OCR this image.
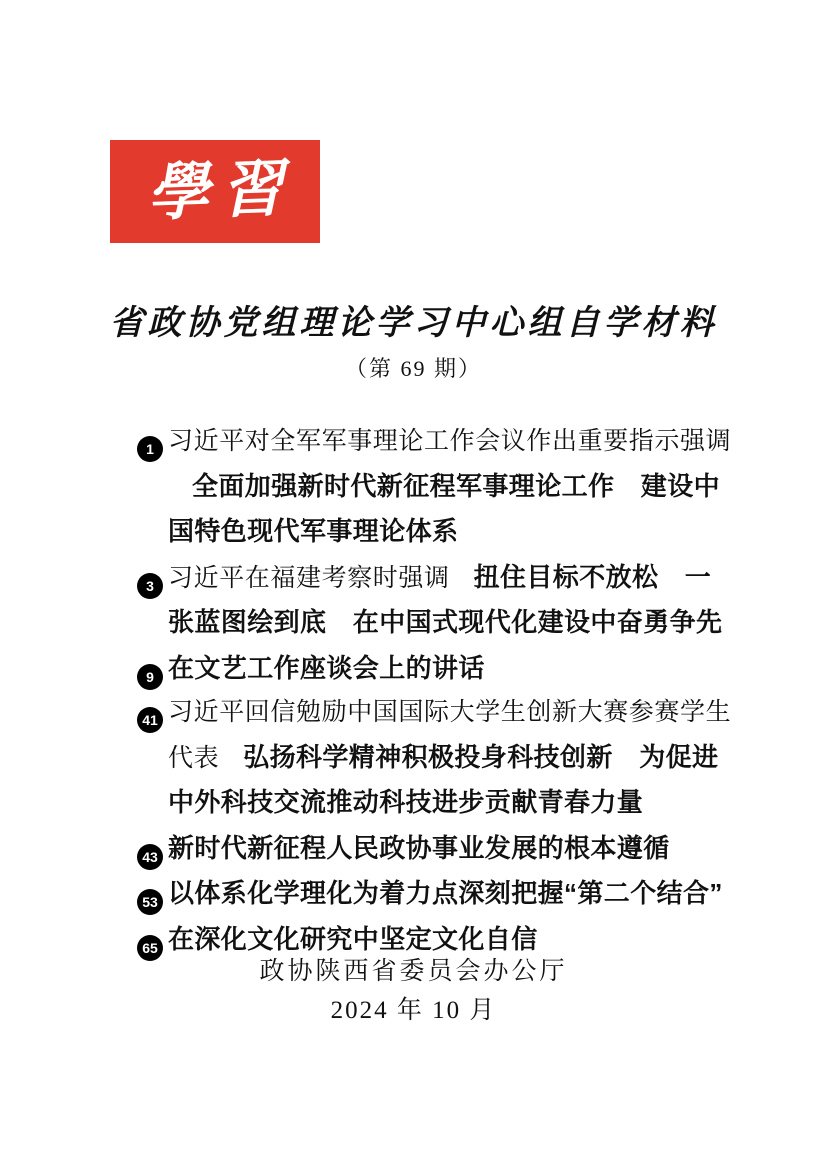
學習
省政协党组理论学习中心组自学材料
（第 69 期）
1 习近平对全军军事理论工作会议作出重要指示强调全面加强新时代新征程军事理论工作　建设中国特色现代军事理论体系
3 习近平在福建考察时强调 扭住目标不放松　一张蓝图绘到底　在中国式现代化建设中奋勇争先
9 在文艺工作座谈会上的讲话
41 习近平回信勉励中国国际大学生创新大赛参赛学生代表 弘扬科学精神积极投身科技创新　为促进中外科技交流推动科技进步贡献青春力量
43 新时代新征程人民政协事业发展的根本遵循
53 以体系化学理化为着力点深刻把握“第二个结合”
65 在深化文化研究中坚定文化自信
政协陕西省委员会办公厅
2024 年 10 月
